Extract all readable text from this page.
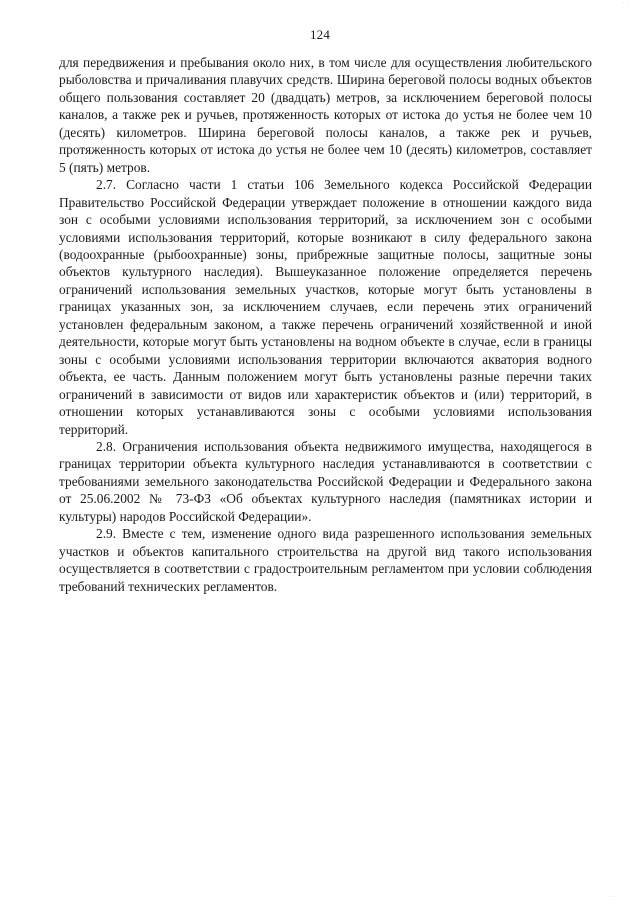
· ·
124

для передвижения и пребывания около них, в том числе для осуществления любительского рыболовства и причаливания плавучих средств. Ширина береговой полосы водных объектов общего пользования составляет 20 (двадцать) метров, за исключением береговой полосы каналов, а также рек и ручьев, протяженность которых от истока до устья не более чем 10 (десять) километров. Ширина береговой полосы каналов, а также рек и ручьев, протяженность которых от истока до устья не более чем 10 (десять) километров, составляет 5 (пять) метров.

2.7. Согласно части 1 статьи 106 Земельного кодекса Российской Федерации Правительство Российской Федерации утверждает положение в отношении каждого вида зон с особыми условиями использования территорий, за исключением зон с особыми условиями использования территорий, которые возникают в силу федерального закона (водоохранные (рыбоохранные) зоны, прибрежные защитные полосы, защитные зоны объектов культурного наследия). Вышеуказанное положение определяется перечень ограничений использования земельных участков, которые могут быть установлены в границах указанных зон, за исключением случаев, если перечень этих ограничений установлен федеральным законом, а также перечень ограничений хозяйственной и иной деятельности, которые могут быть установлены на водном объекте в случае, если в границы зоны с особыми условиями использования территории включаются акватория водного объекта, ее часть. Данным положением могут быть установлены разные перечни таких ограничений в зависимости от видов или характеристик объектов и (или) территорий, в отношении которых устанавливаются зоны с особыми условиями использования территорий.

2.8. Ограничения использования объекта недвижимого имущества, находящегося в границах территории объекта культурного наследия устанавливаются в соответствии с требованиями земельного законодательства Российской Федерации и Федерального закона от 25.06.2002 № 73-ФЗ «Об объектах культурного наследия (памятниках истории и культуры) народов Российской Федерации».

2.9. Вместе с тем, изменение одного вида разрешенного использования земельных участков и объектов капитального строительства на другой вид такого использования осуществляется в соответствии с градостроительным регламентом при условии соблюдения требований технических регламентов.

· ·
